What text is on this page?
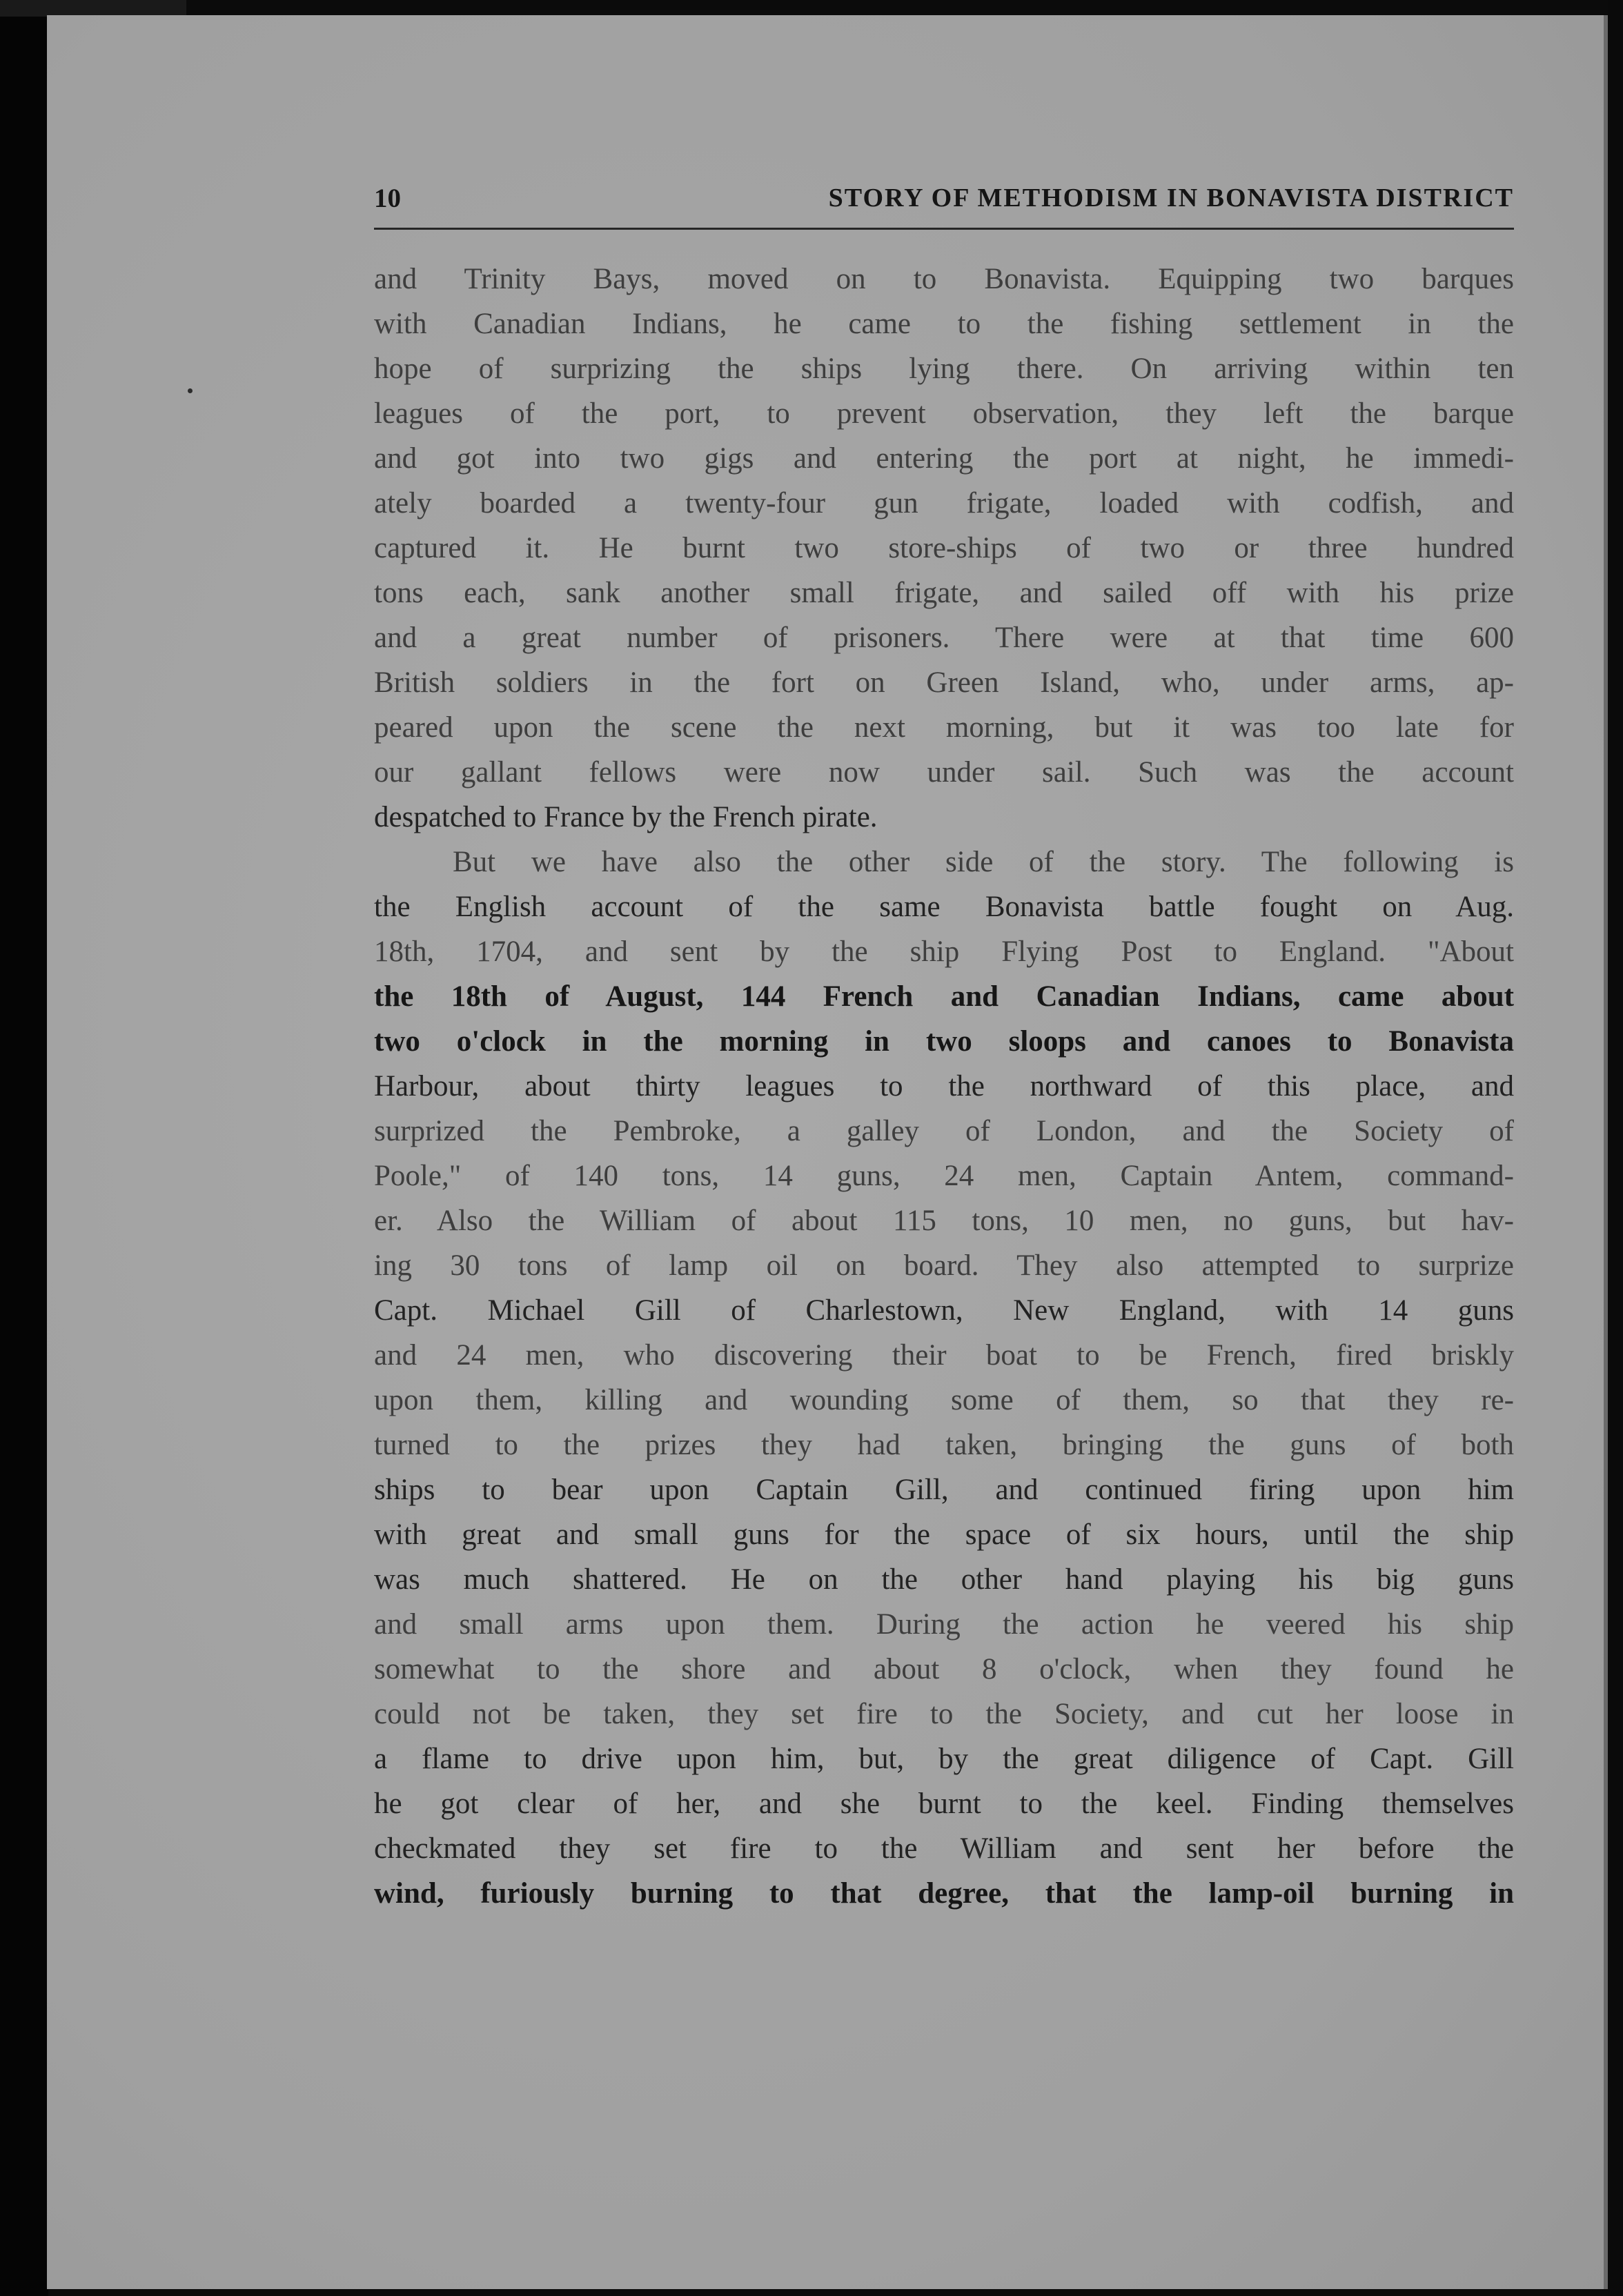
10	STORY OF METHODISM IN BONAVISTA DISTRICT
and Trinity Bays, moved on to Bonavista. Equipping two barques
with Canadian Indians, he came to the fishing settlement in the
hope of surprizing the ships lying there. On arriving within ten
leagues of the port, to prevent observation, they left the barque
and got into two gigs and entering the port at night, he immedi-
ately boarded a twenty-four gun frigate, loaded with codfish, and
captured it. He burnt two store-ships of two or three hundred
tons each, sank another small frigate, and sailed off with his prize
and a great number of prisoners. There were at that time 600
British soldiers in the fort on Green Island, who, under arms, ap-
peared upon the scene the next morning, but it was too late for
our gallant fellows were now under sail. Such was the account
despatched to France by the French pirate.
But we have also the other side of the story. The following is
the English account of the same Bonavista battle fought on Aug.
18th, 1704, and sent by the ship Flying Post to England. "About
the 18th of August, 144 French and Canadian Indians, came about
two o'clock in the morning in two sloops and canoes to Bonavista
Harbour, about thirty leagues to the northward of this place, and
surprized the Pembroke, a galley of London, and the Society of
Poole," of 140 tons, 14 guns, 24 men, Captain Antem, command-
er. Also the William of about 115 tons, 10 men, no guns, but hav-
ing 30 tons of lamp oil on board. They also attempted to surprize
Capt. Michael Gill of Charlestown, New England, with 14 guns
and 24 men, who discovering their boat to be French, fired briskly
upon them, killing and wounding some of them, so that they re-
turned to the prizes they had taken, bringing the guns of both
ships to bear upon Captain Gill, and continued firing upon him
with great and small guns for the space of six hours, until the ship
was much shattered. He on the other hand playing his big guns
and small arms upon them. During the action he veered his ship
somewhat to the shore and about 8 o'clock, when they found he
could not be taken, they set fire to the Society, and cut her loose in
a flame to drive upon him, but, by the great diligence of Capt. Gill
he got clear of her, and she burnt to the keel. Finding themselves
checkmated they set fire to the William and sent her before the
wind, furiously burning to that degree, that the lamp-oil burning in
